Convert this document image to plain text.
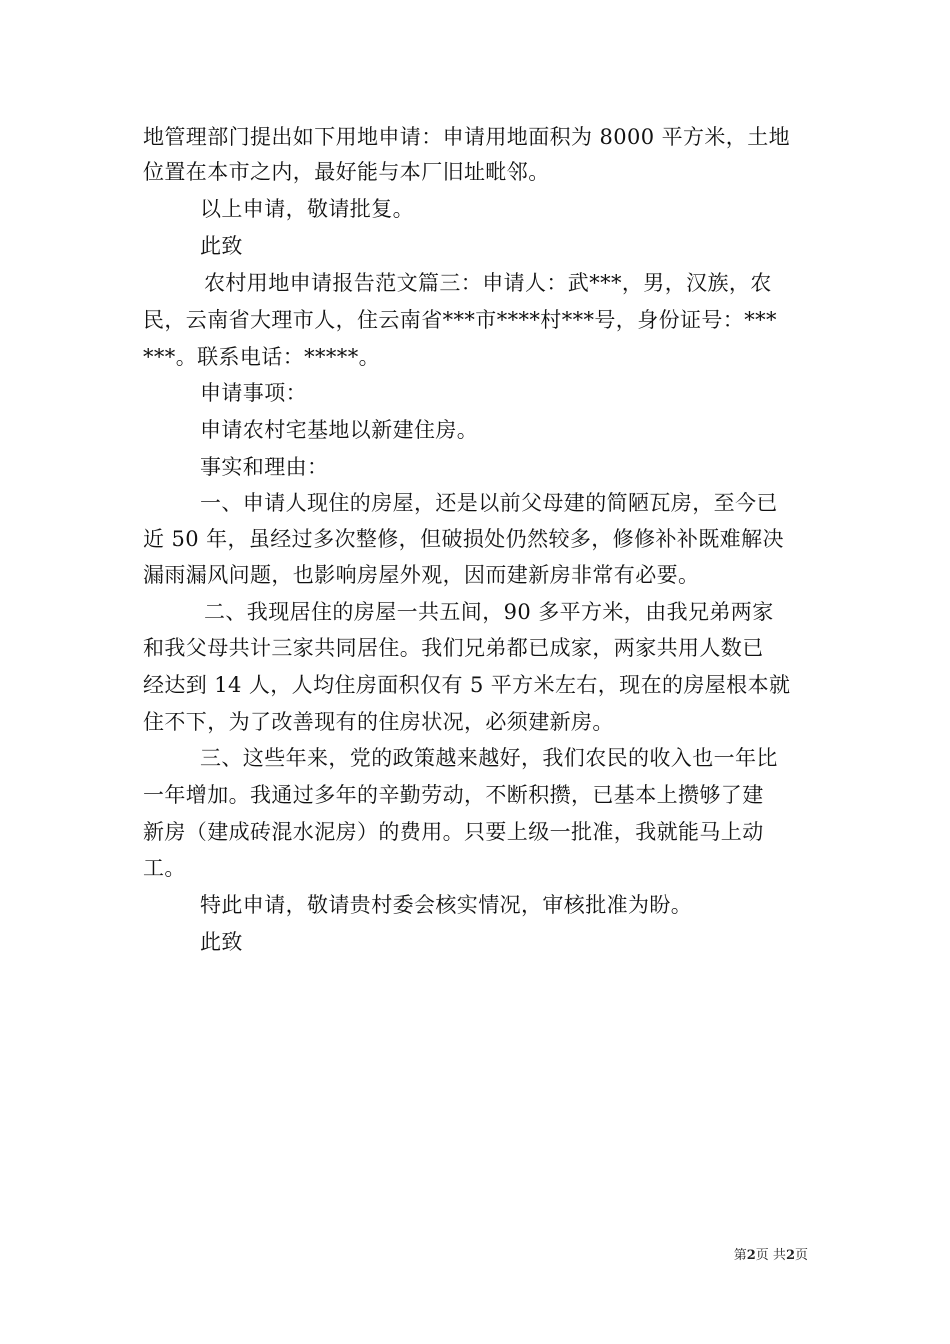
地管理部门提出如下用地申请：申请用地面积为 8000 平方米，土地
位置在本市之内，最好能与本厂旧址毗邻。
以上申请，敬请批复。
此致
农村用地申请报告范文篇三：申请人：武***，男，汉族，农
民，云南省大理市人，住云南省***市****村***号，身份证号：***
***。联系电话：*****。
申请事项：
申请农村宅基地以新建住房。
事实和理由：
一、申请人现住的房屋，还是以前父母建的简陋瓦房，至今已
近 50 年，虽经过多次整修，但破损处仍然较多，修修补补既难解决
漏雨漏风问题，也影响房屋外观，因而建新房非常有必要。
二、我现居住的房屋一共五间，90 多平方米，由我兄弟两家
和我父母共计三家共同居住。我们兄弟都已成家，两家共用人数已
经达到 14 人，人均住房面积仅有 5 平方米左右，现在的房屋根本就
住不下，为了改善现有的住房状况，必须建新房。
三、这些年来，党的政策越来越好，我们农民的收入也一年比
一年增加。我通过多年的辛勤劳动，不断积攒，已基本上攒够了建
新房（建成砖混水泥房）的费用。只要上级一批准，我就能马上动
工。
特此申请，敬请贵村委会核实情况，审核批准为盼。
此致
第2页 共2页
